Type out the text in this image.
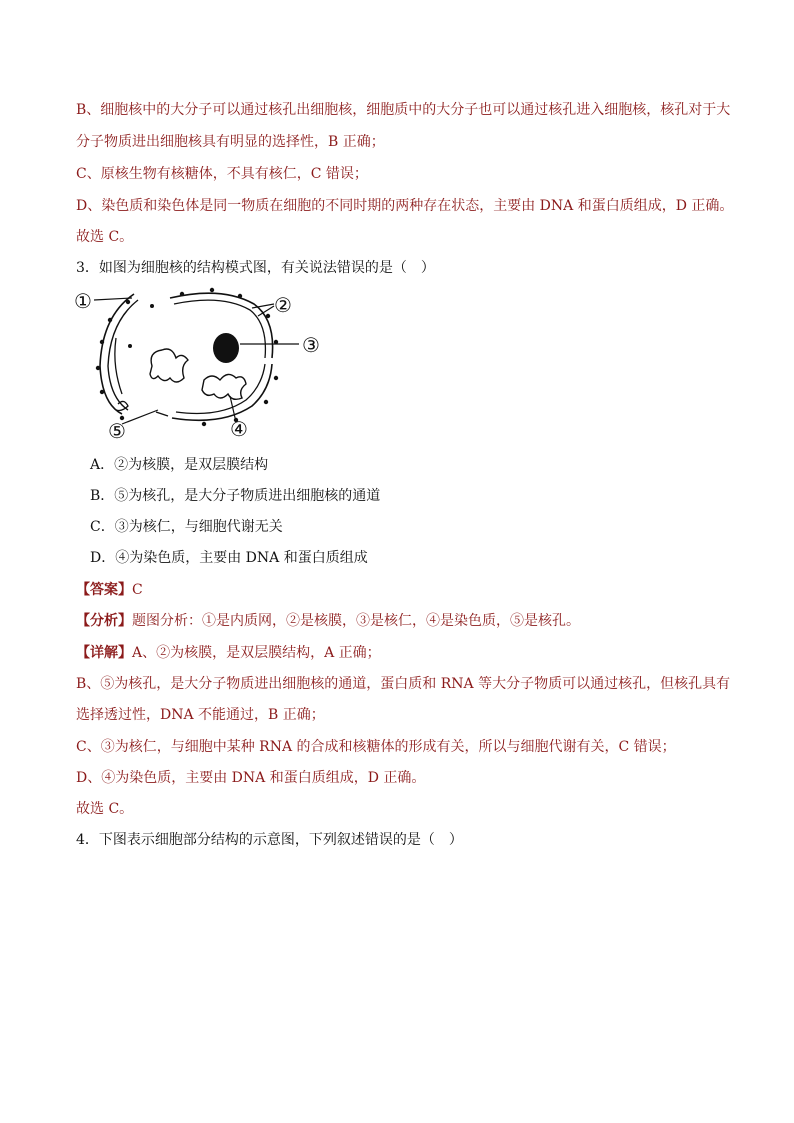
B、细胞核中的大分子可以通过核孔出细胞核，细胞质中的大分子也可以通过核孔进入细胞核，核孔对于大
分子物质进出细胞核具有明显的选择性，B 正确；
C、原核生物有核糖体，不具有核仁，C 错误；
D、染色质和染色体是同一物质在细胞的不同时期的两种存在状态，主要由 DNA 和蛋白质组成，D 正确。
故选 C。
3．如图为细胞核的结构模式图，有关说法错误的是（　）
①	②
③
④
⑤
A．②为核膜，是双层膜结构
B．⑤为核孔，是大分子物质进出细胞核的通道
C．③为核仁，与细胞代谢无关
D．④为染色质，主要由 DNA 和蛋白质组成
【答案】C
【分析】题图分析：①是内质网，②是核膜，③是核仁，④是染色质，⑤是核孔。
【详解】A、②为核膜，是双层膜结构，A 正确；
B、⑤为核孔，是大分子物质进出细胞核的通道，蛋白质和 RNA 等大分子物质可以通过核孔，但核孔具有
选择透过性，DNA 不能通过，B 正确；
C、③为核仁，与细胞中某种 RNA 的合成和核糖体的形成有关，所以与细胞代谢有关，C 错误；
D、④为染色质，主要由 DNA 和蛋白质组成，D 正确。
故选 C。
4．下图表示细胞部分结构的示意图，下列叙述错误的是（　）
